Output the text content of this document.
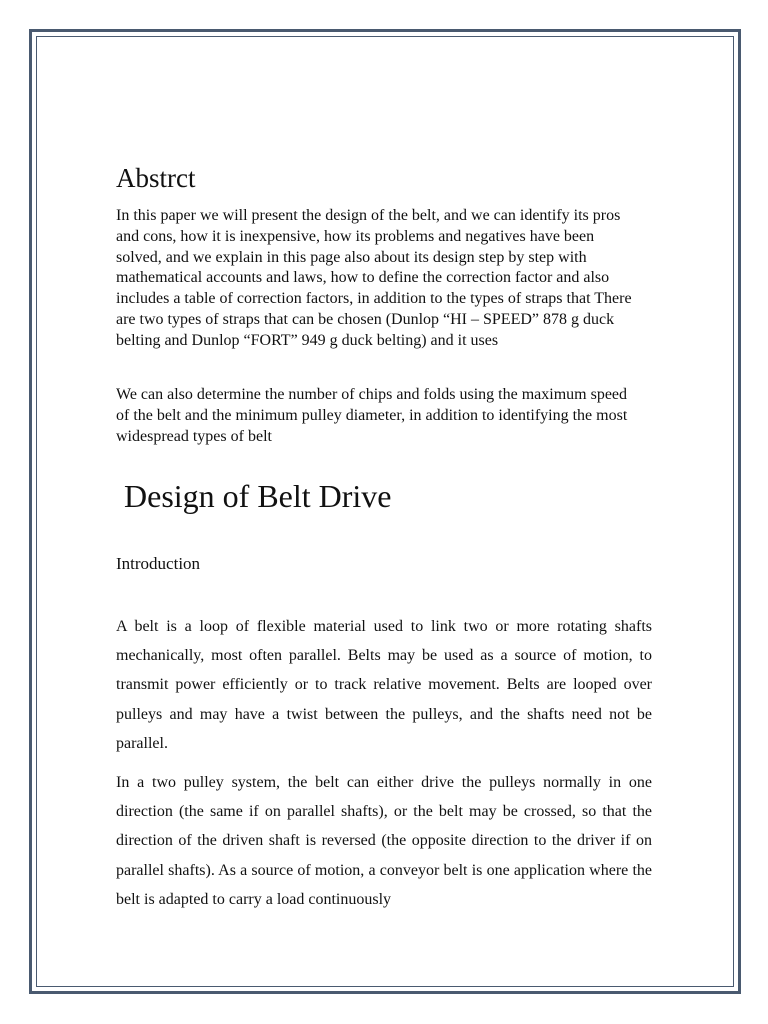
Abstrct

In this paper we will present the design of the belt, and we can identify its pros and cons, how it is inexpensive, how its problems and negatives have been solved, and we explain in this page also about its design step by step with mathematical accounts and laws, how to define the correction factor and also includes a table of correction factors, in addition to the types of straps that There are two types of straps that can be chosen (Dunlop “HI – SPEED” 878 g duck belting and Dunlop “FORT” 949 g duck belting) and it uses

We can also determine the number of chips and folds using the maximum speed of the belt and the minimum pulley diameter, in addition to identifying the most widespread types of belt

Design of Belt Drive
Introduction

A belt is a loop of flexible material used to link two or more rotating shafts mechanically, most often parallel. Belts may be used as a source of motion, to transmit power efficiently or to track relative movement. Belts are looped over pulleys and may have a twist between the pulleys, and the shafts need not be parallel.

In a two pulley system, the belt can either drive the pulleys normally in one direction (the same if on parallel shafts), or the belt may be crossed, so that the direction of the driven shaft is reversed (the opposite direction to the driver if on parallel shafts). As a source of motion, a conveyor belt is one application where the belt is adapted to carry a load continuously
